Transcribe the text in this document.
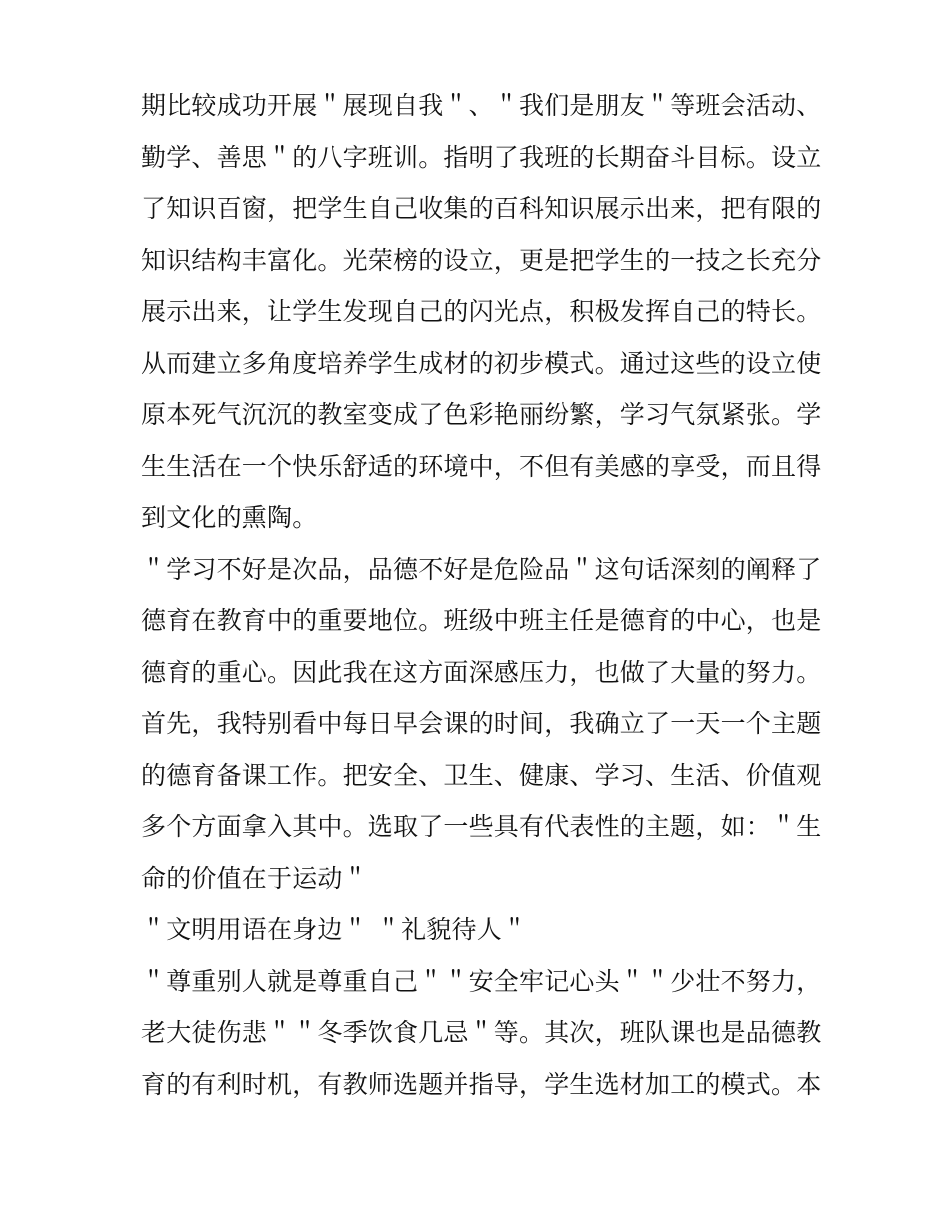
期比较成功开展＂展现自我＂、＂我们是朋友＂等班会活动、
勤学、善思＂的八字班训。指明了我班的长期奋斗目标。设立
了知识百窗，把学生自己收集的百科知识展示出来，把有限的
知识结构丰富化。光荣榜的设立，更是把学生的一技之长充分
展示出来，让学生发现自己的闪光点，积极发挥自己的特长。
从而建立多角度培养学生成材的初步模式。通过这些的设立使
原本死气沉沉的教室变成了色彩艳丽纷繁，学习气氛紧张。学
生生活在一个快乐舒适的环境中，不但有美感的享受，而且得
到文化的熏陶。
＂学习不好是次品，品德不好是危险品＂这句话深刻的阐释了
德育在教育中的重要地位。班级中班主任是德育的中心，也是
德育的重心。因此我在这方面深感压力，也做了大量的努力。
首先，我特别看中每日早会课的时间，我确立了一天一个主题
的德育备课工作。把安全、卫生、健康、学习、生活、价值观
多个方面拿入其中。选取了一些具有代表性的主题，如：＂生
命的价值在于运动＂
＂文明用语在身边＂ ＂礼貌待人＂
＂尊重别人就是尊重自己＂＂安全牢记心头＂＂少壮不努力，
老大徒伤悲＂＂冬季饮食几忌＂等。其次，班队课也是品德教
育的有利时机，有教师选题并指导，学生选材加工的模式。本
